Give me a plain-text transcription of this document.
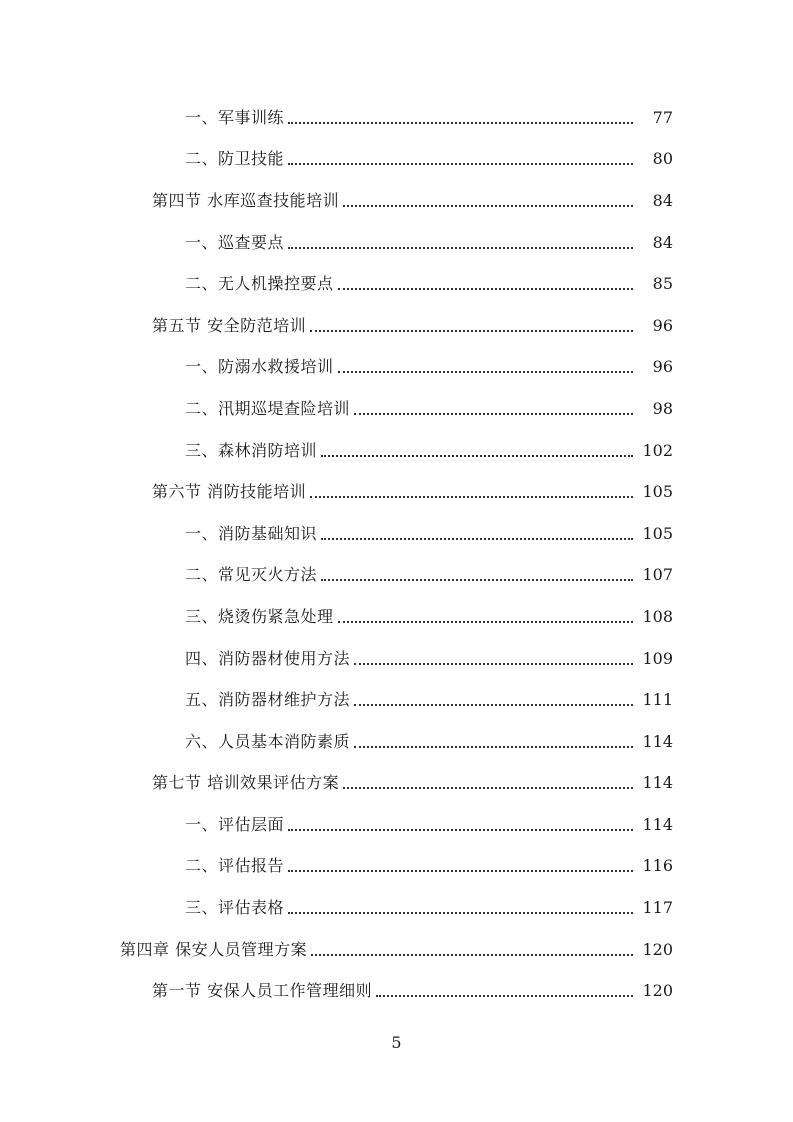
一、军事训练	77
二、防卫技能	80
第四节 水库巡查技能培训	84
一、巡查要点	84
二、无人机操控要点	85
第五节 安全防范培训	96
一、防溺水救援培训	96
二、汛期巡堤查险培训	98
三、森林消防培训	102
第六节 消防技能培训	105
一、消防基础知识	105
二、常见灭火方法	107
三、烧烫伤紧急处理	108
四、消防器材使用方法	109
五、消防器材维护方法	111
六、人员基本消防素质	114
第七节 培训效果评估方案	114
一、评估层面	114
二、评估报告	116
三、评估表格	117
第四章 保安人员管理方案	120
第一节 安保人员工作管理细则	120
5
